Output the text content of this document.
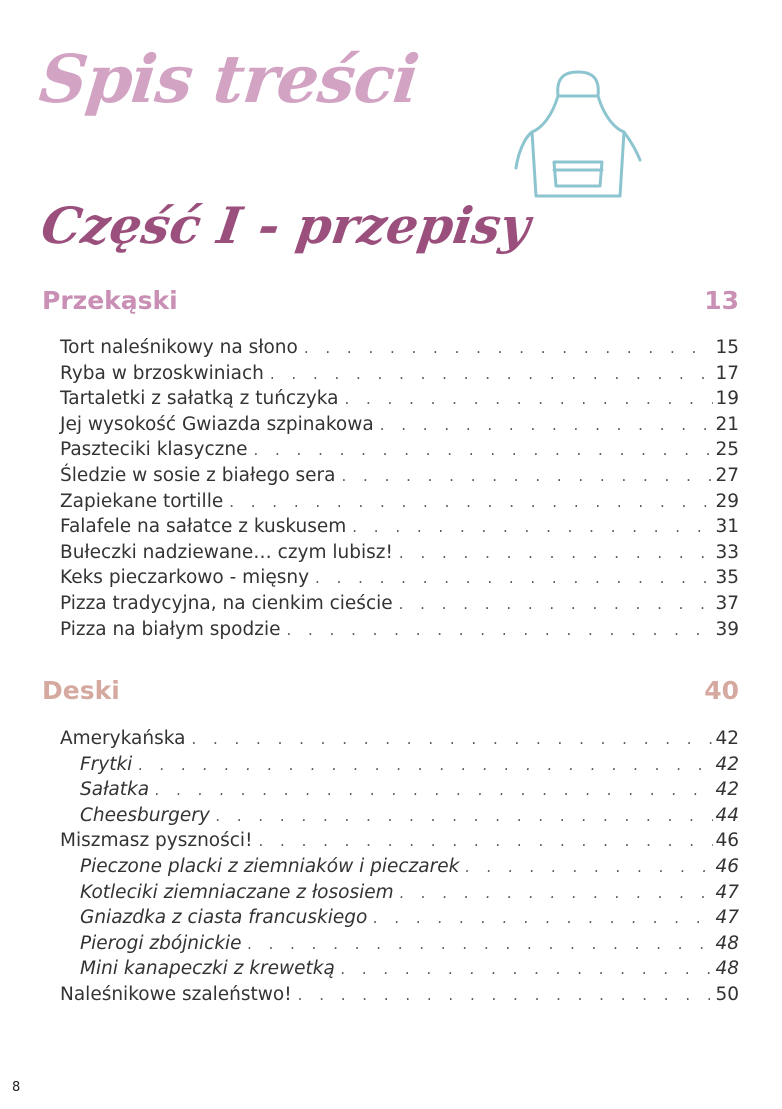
Spis treści
Część I - przepisy
Przekąski	13
Tort naleśnikowy na słono . . .	15
Ryba w brzoskwiniach . . .	17
Tartaletki z sałatką z tuńczyka . . .	19
Jej wysokość Gwiazda szpinakowa . . .	21
Paszteciki klasyczne . . .	25
Śledzie w sosie z białego sera . . .	27
Zapiekane tortille . . .	29
Falafele na sałatce z kuskusem . . .	31
Bułeczki nadziewane… czym lubisz! . . .	33
Keks pieczarkowo - mięsny . . .	35
Pizza tradycyjna, na cienkim cieście . . .	37
Pizza na białym spodzie . . .	39
Deski	40
Amerykańska . . .	42
Frytki . . .	42
Sałatka . . .	42
Cheesburgery . . .	44
Miszmasz pyszności! . . .	46
Pieczone placki z ziemniaków i pieczarek . . .	46
Kotleciki ziemniaczane z łososiem . . .	47
Gniazdka z ciasta francuskiego . . .	47
Pierogi zbójnickie . . .	48
Mini kanapeczki z krewetką . . .	48
Naleśnikowe szaleństwo! . . .	50
8
